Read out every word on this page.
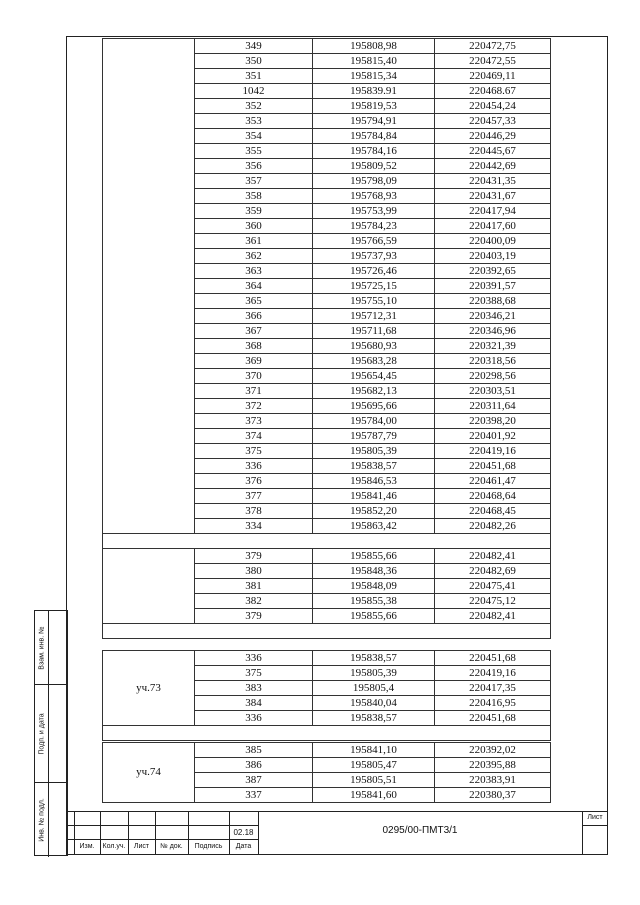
	349	195808,98	220472,75
	350	195815,40	220472,55
	351	195815,34	220469,11
	1042	195839.91	220468.67
	352	195819,53	220454,24
	353	195794,91	220457,33
	354	195784,84	220446,29
	355	195784,16	220445,67
	356	195809,52	220442,69
	357	195798,09	220431,35
	358	195768,93	220431,67
	359	195753,99	220417,94
	360	195784,23	220417,60
	361	195766,59	220400,09
	362	195737,93	220403,19
	363	195726,46	220392,65
	364	195725,15	220391,57
	365	195755,10	220388,68
	366	195712,31	220346,21
	367	195711,68	220346,96
	368	195680,93	220321,39
	369	195683,28	220318,56
	370	195654,45	220298,56
	371	195682,13	220303,51
	372	195695,66	220311,64
	373	195784,00	220398,20
	374	195787,79	220401,92
	375	195805,39	220419,16
	336	195838,57	220451,68
	376	195846,53	220461,47
	377	195841,46	220468,64
	378	195852,20	220468,45
	334	195863,42	220482,26

	379	195855,66	220482,41
	380	195848,36	220482,69
	381	195848,09	220475,41
	382	195855,38	220475,12
	379	195855,66	220482,41

уч.73	336	195838,57	220451,68
	375	195805,39	220419,16
	383	195805,4	220417,35
	384	195840,04	220416,95
	336	195838,57	220451,68

уч.74	385	195841,10	220392,02
	386	195805,47	220395,88
	387	195805,51	220383,91
	337	195841,60	220380,37
Взам. инв. №
Подп. и дата
Инв. № подл.
Изм.	Кол.уч.	Лист	№ док.	Подпись	Дата
02.18	0295/00-ПМТ3/1
Лист
